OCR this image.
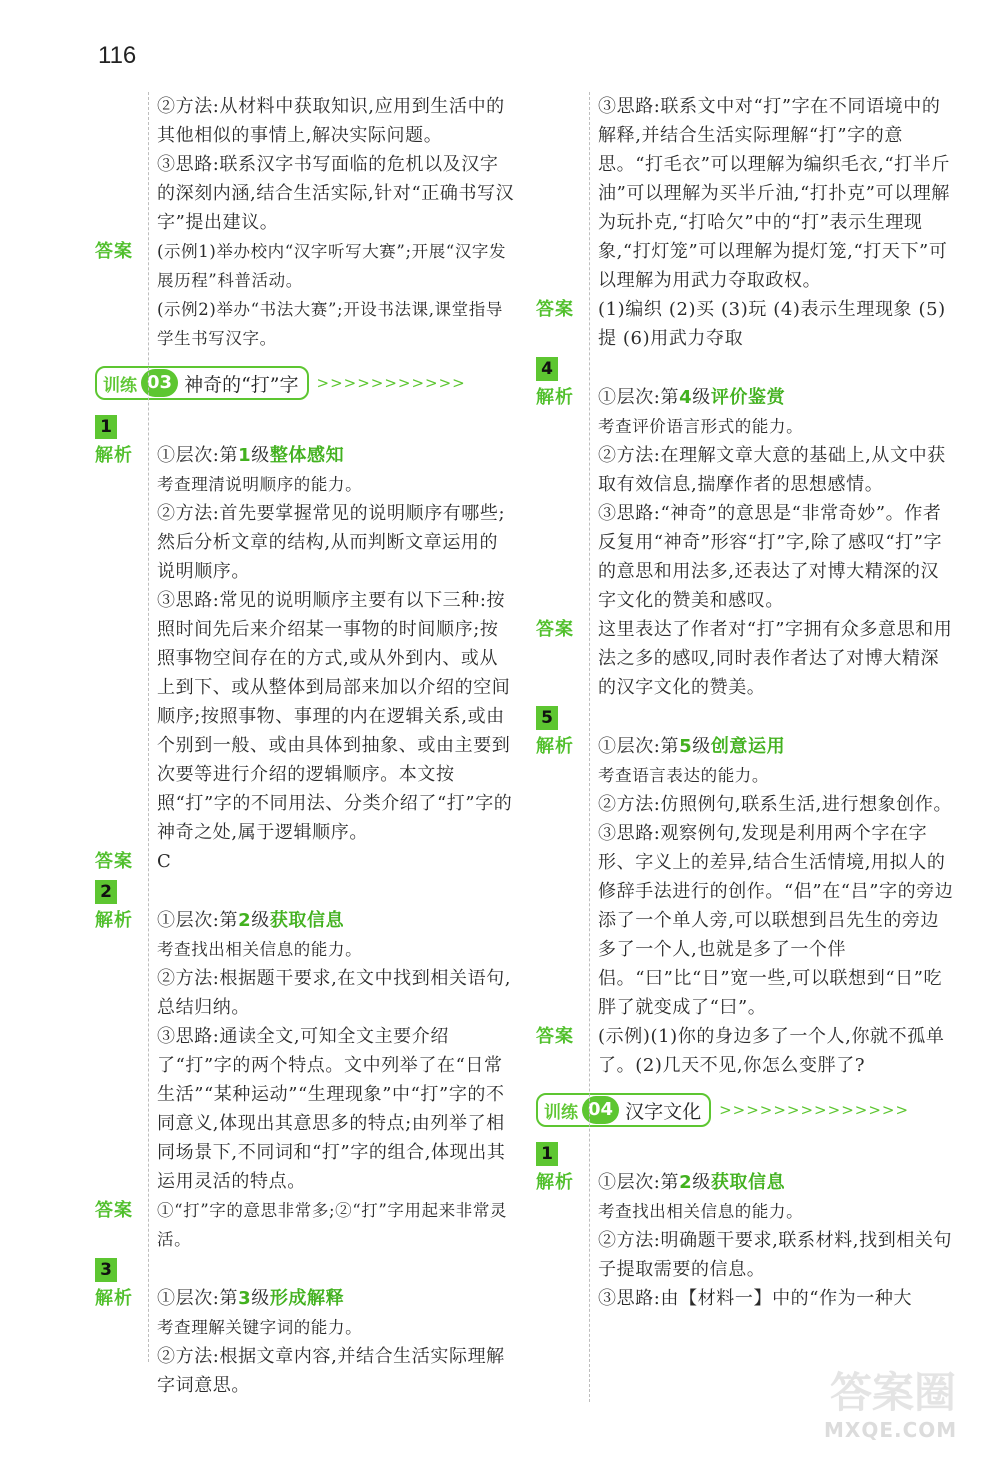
116

②方法:从材料中获取知识,应用到生活中的其他相似的事情上,解决实际问题。

③思路:联系汉字书写面临的危机以及汉字的深刻内涵,结合生活实际,针对“正确书写汉字”提出建议。

答案	(示例1)举办校内“汉字听写大赛”;开展“汉字发展历程”科普活动。

(示例2)举办“书法大赛”;开设书法课,课堂指导学生书写汉字。

训练 03 神奇的“打”字 >>>>>>>>>>>
1
解析	①层次:第1级整体感知

考查理清说明顺序的能力。

②方法:首先要掌握常见的说明顺序有哪些;然后分析文章的结构,从而判断文章运用的说明顺序。

③思路:常见的说明顺序主要有以下三种:按照时间先后来介绍某一事物的时间顺序;按照事物空间存在的方式,或从外到内、或从上到下、或从整体到局部来加以介绍的空间顺序;按照事物、事理的内在逻辑关系,或由个别到一般、或由具体到抽象、或由主要到次要等进行介绍的逻辑顺序。本文按照“打”字的不同用法、分类介绍了“打”字的神奇之处,属于逻辑顺序。

答案	C

2
解析	①层次:第2级获取信息

考查找出相关信息的能力。

②方法:根据题干要求,在文中找到相关语句,总结归纳。

③思路:通读全文,可知全文主要介绍了“打”字的两个特点。文中列举了在“日常生活”“某种运动”“生理现象”中“打”字的不同意义,体现出其意思多的特点;由列举了相同场景下,不同词和“打”字的组合,体现出其运用灵活的特点。

答案	①“打”字的意思非常多;②“打”字用起来非常灵活。

3
解析	①层次:第3级形成解释

考查理解关键字词的能力。

②方法:根据文章内容,并结合生活实际理解字词意思。

③思路:联系文中对“打”字在不同语境中的解释,并结合生活实际理解“打”字的意思。“打毛衣”可以理解为编织毛衣,“打半斤油”可以理解为买半斤油,“打扑克”可以理解为玩扑克,“打哈欠”中的“打”表示生理现象,“打灯笼”可以理解为提灯笼,“打天下”可以理解为用武力夺取政权。

答案	(1)编织 (2)买 (3)玩 (4)表示生理现象 (5)提 (6)用武力夺取

4
解析	①层次:第4级评价鉴赏

考查评价语言形式的能力。

②方法:在理解文章大意的基础上,从文中获取有效信息,揣摩作者的思想感情。

③思路:“神奇”的意思是“非常奇妙”。作者反复用“神奇”形容“打”字,除了感叹“打”字的意思和用法多,还表达了对博大精深的汉字文化的赞美和感叹。

答案	这里表达了作者对“打”字拥有众多意思和用法之多的感叹,同时表作者达了对博大精深的汉字文化的赞美。

5
解析	①层次:第5级创意运用

考查语言表达的能力。

②方法:仿照例句,联系生活,进行想象创作。

③思路:观察例句,发现是利用两个字在字形、字义上的差异,结合生活情境,用拟人的修辞手法进行的创作。“侣”在“吕”字的旁边添了一个单人旁,可以联想到吕先生的旁边多了一个人,也就是多了一个伴侣。“曰”比“日”宽一些,可以联想到“日”吃胖了就变成了“曰”。

答案	(示例)(1)你的身边多了一个人,你就不孤单了。(2)几天不见,你怎么变胖了?

训练 04 汉字文化 >>>>>>>>>>>>>>
1
解析	①层次:第2级获取信息

考查找出相关信息的能力。

②方法:明确题干要求,联系材料,找到相关句子提取需要的信息。

③思路:由【材料一】中的“作为一种大

答案圈
MXQE.COM
